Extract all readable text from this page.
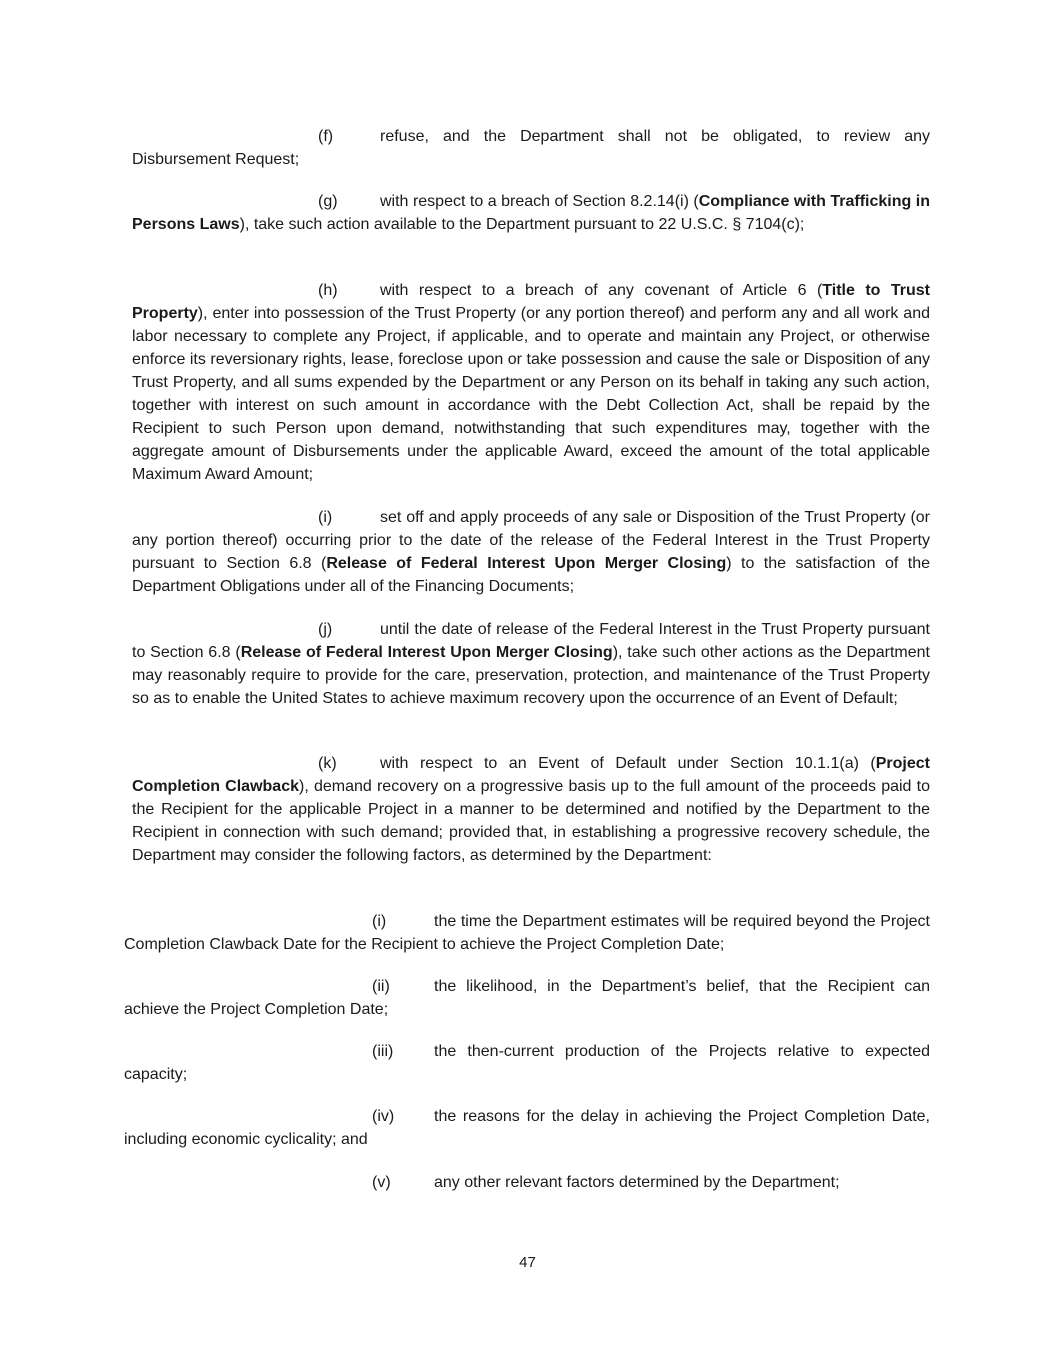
(f)	refuse, and the Department shall not be obligated, to review any Disbursement Request;

(g)	with respect to a breach of Section 8.2.14(i) (Compliance with Trafficking in Persons Laws), take such action available to the Department pursuant to 22 U.S.C. § 7104(c);

(h)	with respect to a breach of any covenant of Article 6 (Title to Trust Property), enter into possession of the Trust Property (or any portion thereof) and perform any and all work and labor necessary to complete any Project, if applicable, and to operate and maintain any Project, or otherwise enforce its reversionary rights, lease, foreclose upon or take possession and cause the sale or Disposition of any Trust Property, and all sums expended by the Department or any Person on its behalf in taking any such action, together with interest on such amount in accordance with the Debt Collection Act, shall be repaid by the Recipient to such Person upon demand, notwithstanding that such expenditures may, together with the aggregate amount of Disbursements under the applicable Award, exceed the amount of the total applicable Maximum Award Amount;

(i)	set off and apply proceeds of any sale or Disposition of the Trust Property (or any portion thereof) occurring prior to the date of the release of the Federal Interest in the Trust Property pursuant to Section 6.8 (Release of Federal Interest Upon Merger Closing) to the satisfaction of the Department Obligations under all of the Financing Documents;

(j)	until the date of release of the Federal Interest in the Trust Property pursuant to Section 6.8 (Release of Federal Interest Upon Merger Closing), take such other actions as the Department may reasonably require to provide for the care, preservation, protection, and maintenance of the Trust Property so as to enable the United States to achieve maximum recovery upon the occurrence of an Event of Default;

(k)	with respect to an Event of Default under Section 10.1.1(a) (Project Completion Clawback), demand recovery on a progressive basis up to the full amount of the proceeds paid to the Recipient for the applicable Project in a manner to be determined and notified by the Department to the Recipient in connection with such demand; provided that, in establishing a progressive recovery schedule, the Department may consider the following factors, as determined by the Department:

(i)	the time the Department estimates will be required beyond the Project Completion Clawback Date for the Recipient to achieve the Project Completion Date;

(ii)	the likelihood, in the Department’s belief, that the Recipient can achieve the Project Completion Date;

(iii)	the then-current production of the Projects relative to expected capacity;

(iv) the reasons for the delay in achieving the Project Completion Date, including economic cyclicality; and

(v)	any other relevant factors determined by the Department;

47
